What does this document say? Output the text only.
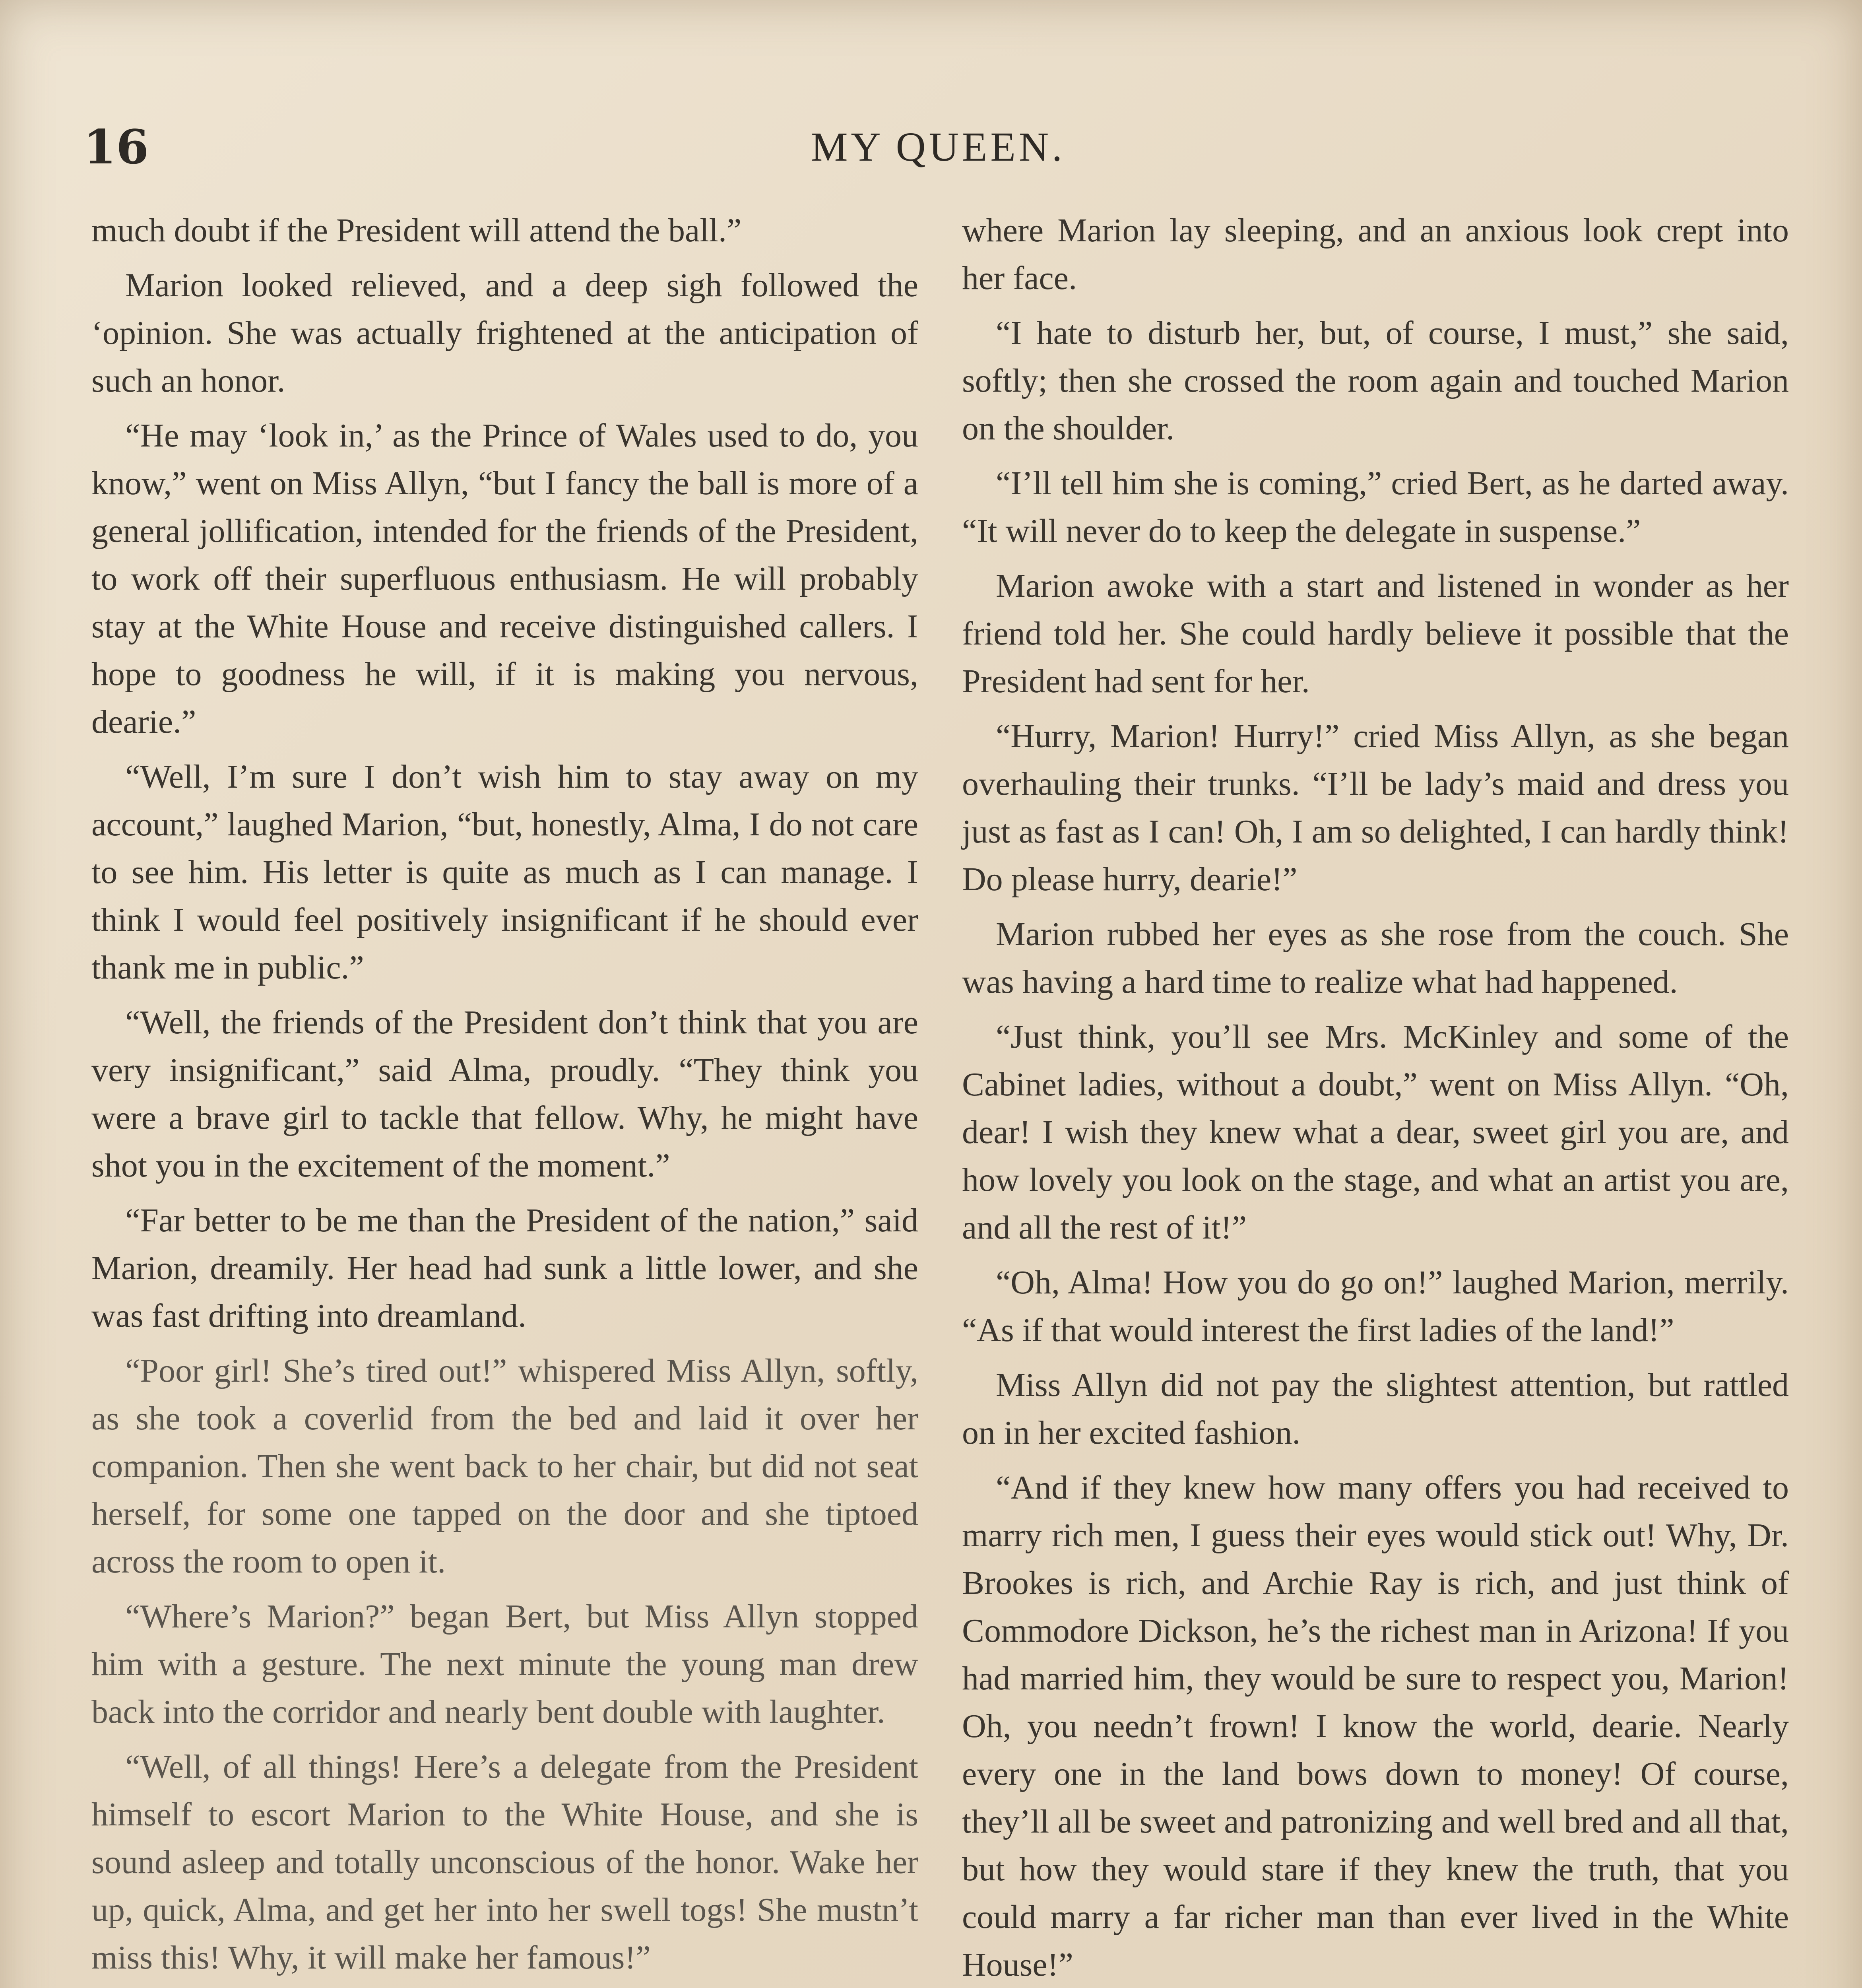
16	MY QUEEN.

much doubt if the President will attend the ball.”

Marion looked relieved, and a deep sigh followed the ‘opinion. She was actually frightened at the anticipation of such an honor.

“He may ‘look in,’ as the Prince of Wales used to do, you know,” went on Miss Allyn, “but I fancy the ball is more of a general jollification, intended for the friends of the President, to work off their superfluous enthusiasm. He will probably stay at the White House and receive distinguished callers. I hope to goodness he will, if it is making you nervous, dearie.”

“Well, I’m sure I don’t wish him to stay away on my account,” laughed Marion, “but, honestly, Alma, I do not care to see him. His letter is quite as much as I can manage. I think I would feel positively insignificant if he should ever thank me in public.”

“Well, the friends of the President don’t think that you are very insignificant,” said Alma, proudly. “They think you were a brave girl to tackle that fellow. Why, he might have shot you in the excitement of the moment.”

“Far better to be me than the President of the nation,” said Marion, dreamily. Her head had sunk a little lower, and she was fast drifting into dreamland.

“Poor girl! She’s tired out!” whispered Miss Allyn, softly, as she took a coverlid from the bed and laid it over her companion. Then she went back to her chair, but did not seat herself, for some one tapped on the door and she tiptoed across the room to open it.

“Where’s Marion?” began Bert, but Miss Allyn stopped him with a gesture. The next minute the young man drew back into the corridor and nearly bent double with laughter.

“Well, of all things! Here’s a delegate from the President himself to escort Marion to the White House, and she is sound asleep and totally unconscious of the honor. Wake her up, quick, Alma, and get her into her swell togs! She mustn’t miss this! Why, it will make her famous!”

where Marion lay sleeping, and an anxious look crept into her face.

“I hate to disturb her, but, of course, I must,” she said, softly; then she crossed the room again and touched Marion on the shoulder.

“I’ll tell him she is coming,” cried Bert, as he darted away. “It will never do to keep the delegate in suspense.”

Marion awoke with a start and listened in wonder as her friend told her. She could hardly believe it possible that the President had sent for her.

“Hurry, Marion! Hurry!” cried Miss Allyn, as she began overhauling their trunks. “I’ll be lady’s maid and dress you just as fast as I can! Oh, I am so delighted, I can hardly think! Do please hurry, dearie!”

Marion rubbed her eyes as she rose from the couch. She was having a hard time to realize what had happened.

“Just think, you’ll see Mrs. McKinley and some of the Cabinet ladies, without a doubt,” went on Miss Allyn. “Oh, dear! I wish they knew what a dear, sweet girl you are, and how lovely you look on the stage, and what an artist you are, and all the rest of it!”

“Oh, Alma! How you do go on!” laughed Marion, merrily. “As if that would interest the first ladies of the land!”

Miss Allyn did not pay the slightest attention, but rattled on in her excited fashion.

“And if they knew how many offers you had received to marry rich men, I guess their eyes would stick out! Why, Dr. Brookes is rich, and Archie Ray is rich, and just think of Commodore Dickson, he’s the richest man in Arizona! If you had married him, they would be sure to respect you, Marion! Oh, you needn’t frown! I know the world, dearie. Nearly every one in the land bows down to money! Of course, they’ll all be sweet and patronizing and well bred and all that, but how they would stare if they knew the truth, that you could marry a far richer man than ever lived in the White House!”
